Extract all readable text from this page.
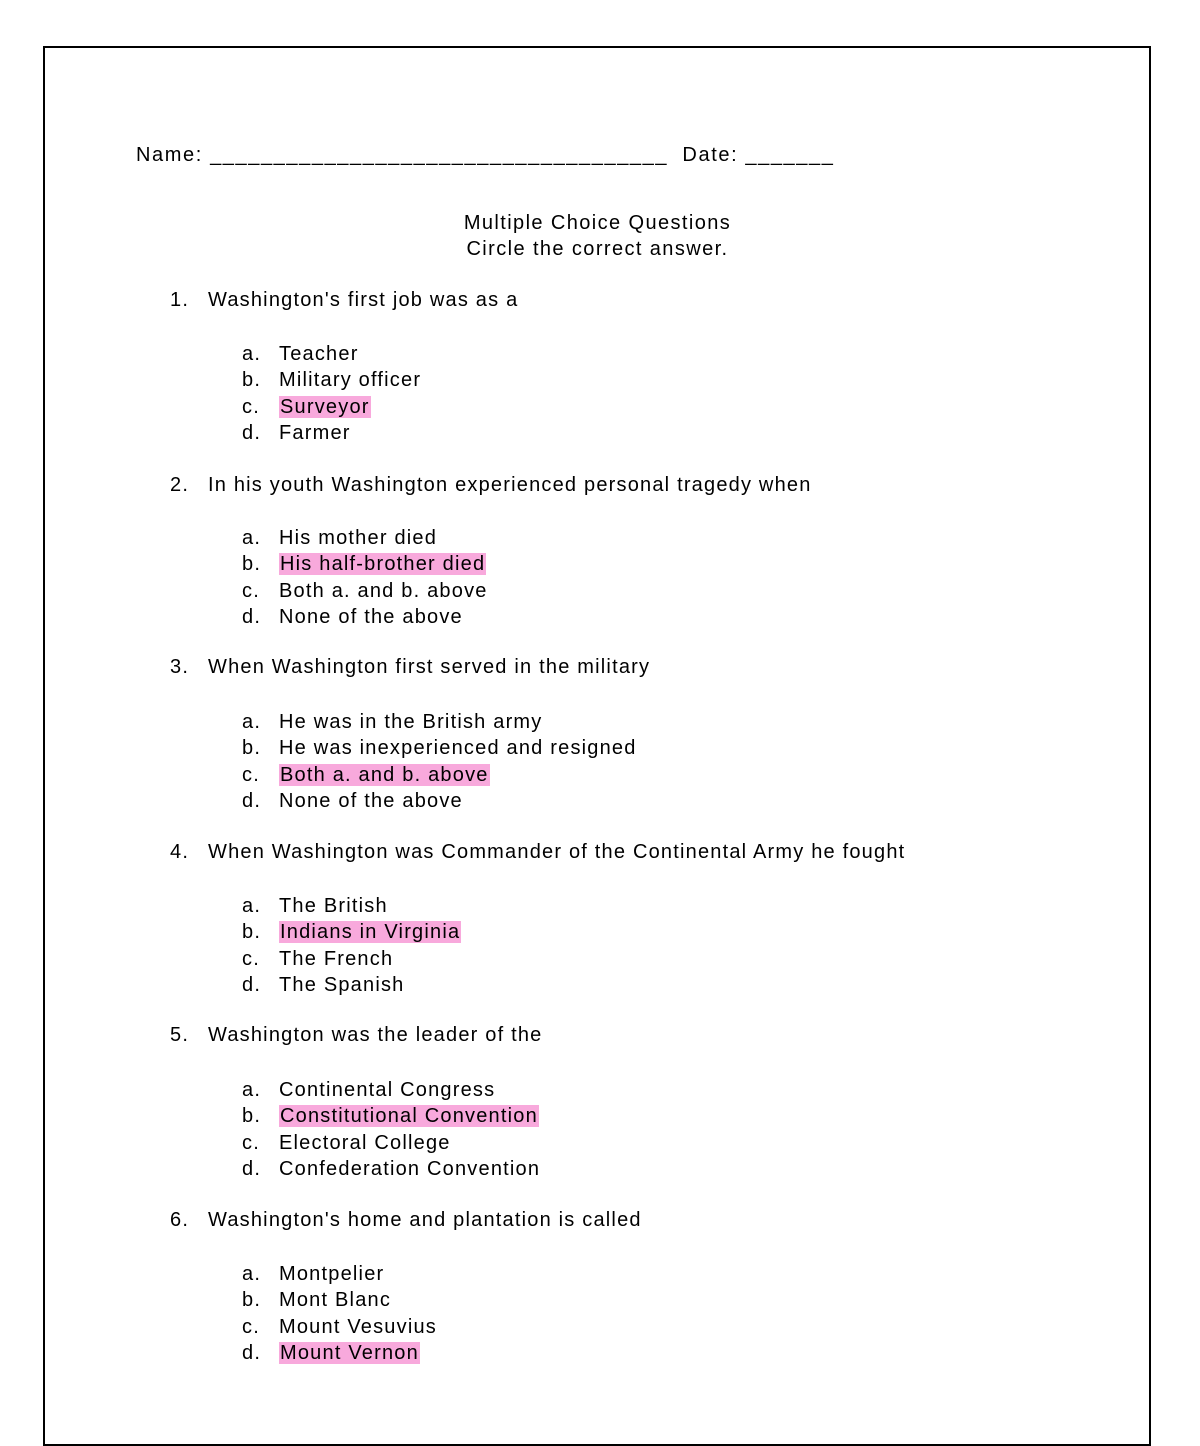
Name: ____________________________________ Date: _______
Multiple Choice Questions
Circle the correct answer.
1. Washington's first job was as a
a. Teacher
b. Military officer
c. Surveyor
d. Farmer
2. In his youth Washington experienced personal tragedy when
a. His mother died
b. His half-brother died
c. Both a. and b. above
d. None of the above
3. When Washington first served in the military
a. He was in the British army
b. He was inexperienced and resigned
c. Both a. and b. above
d. None of the above
4. When Washington was Commander of the Continental Army he fought
a. The British
b. Indians in Virginia
c. The French
d. The Spanish
5. Washington was the leader of the
a. Continental Congress
b. Constitutional Convention
c. Electoral College
d. Confederation Convention
6. Washington's home and plantation is called
a. Montpelier
b. Mont Blanc
c. Mount Vesuvius
d. Mount Vernon
